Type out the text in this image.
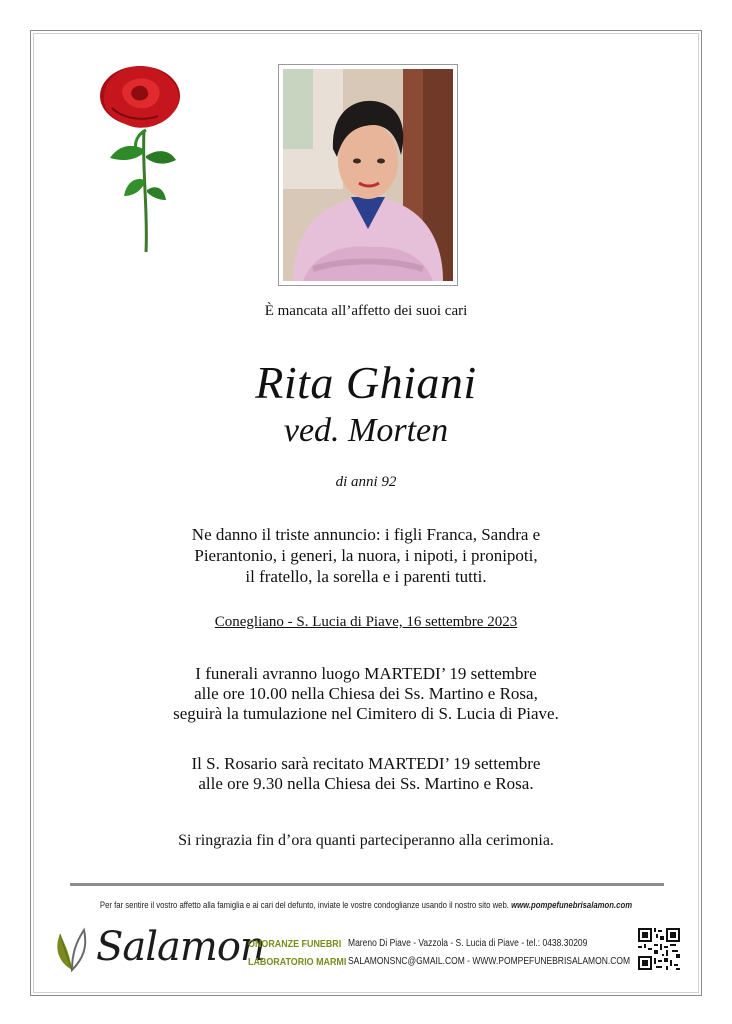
È mancata all’affetto dei suoi cari
Rita Ghiani
ved. Morten
di anni 92
Ne danno il triste annuncio: i figli Franca, Sandra e
Pierantonio, i generi, la nuora, i nipoti, i pronipoti,
il fratello, la sorella e i parenti tutti.
Conegliano - S. Lucia di Piave, 16 settembre 2023
I funerali avranno luogo MARTEDI’ 19 settembre
alle ore 10.00 nella Chiesa dei Ss. Martino e Rosa,
seguirà la tumulazione nel Cimitero di S. Lucia di Piave.
Il S. Rosario sarà recitato MARTEDI’ 19 settembre
alle ore 9.30 nella Chiesa dei Ss. Martino e Rosa.
Si ringrazia fin d’ora quanti parteciperanno alla cerimonia.
Per far sentire il vostro affetto alla famiglia e ai cari del defunto, inviate le vostre condoglianze usando il nostro sito web. www.pompefunebrisalamon.com
Salamon
ONORANZE FUNEBRI
LABORATORIO MARMI
Mareno Di Piave - Vazzola - S. Lucia di Piave - tel.: 0438.30209
SALAMONSNC@GMAIL.COM - WWW.POMPEFUNEBRISALAMON.COM
